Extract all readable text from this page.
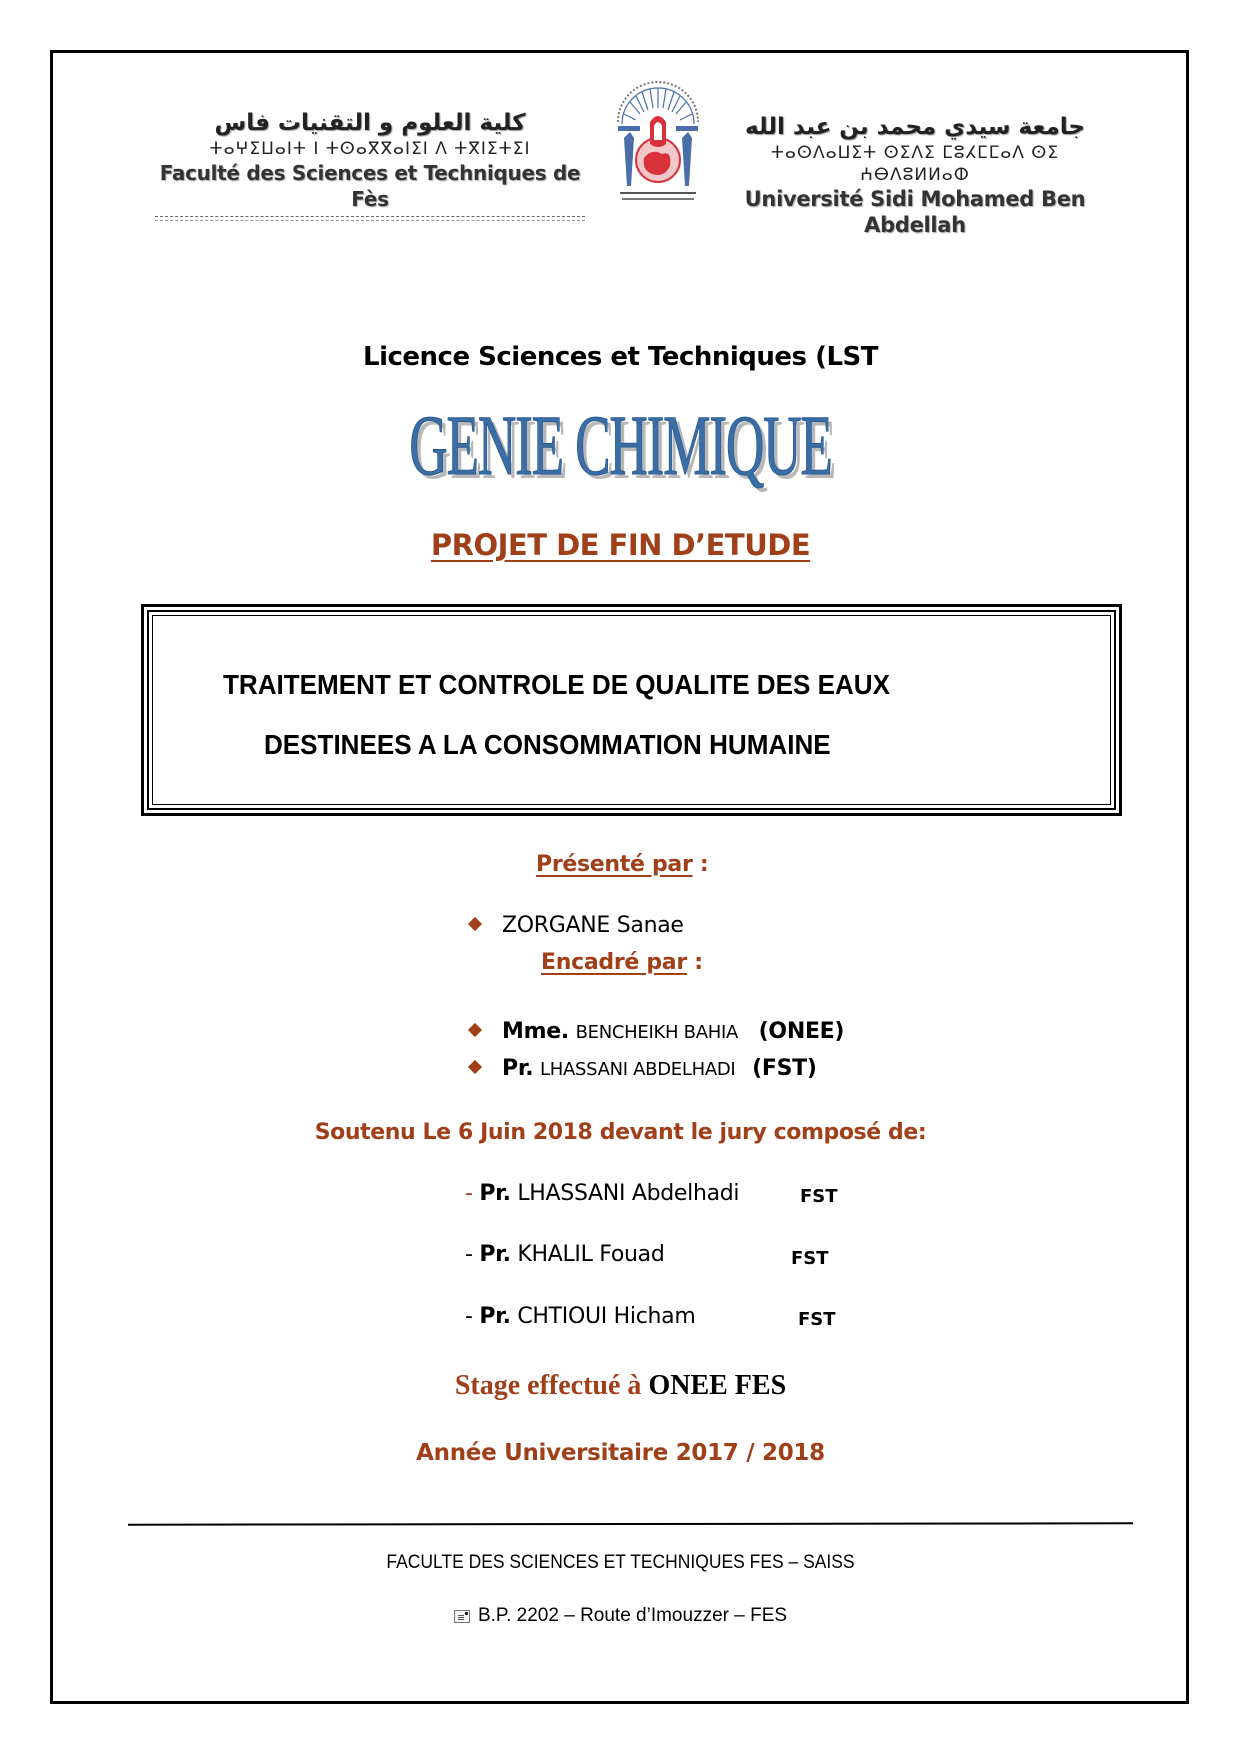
كلية العلوم و التقنيات فاس
ⵜⴰⵖⵉⵡⴰⵏⵜ ⵏ ⵜⵙⴰⴳⴳⴰⵏⵉⵏ ⴷ ⵜⴳⵏⵉⵜⵉⵏ
Faculté des Sciences et Techniques de Fès
جامعة سيدي محمد بن عبد الله
ⵜⴰⵙⴷⴰⵡⵉⵜ ⵙⵉⴷⵉ ⵎⵓⵃⵎⵎⴰⴷ ⵙⵉ ⵄⴱⴷⵓⵍⵍⴰⵀ
Université Sidi Mohamed Ben Abdellah
Licence Sciences et Techniques (LST
GENIE CHIMIQUE
PROJET DE FIN D’ETUDE
TRAITEMENT ET CONTROLE DE QUALITE DES EAUX
DESTINEES A LA CONSOMMATION HUMAINE
Présenté par :
ZORGANE Sanae
Encadré par :
Mme. BENCHEIKH BAHIA (ONEE)
Pr. LHASSANI ABDELHADI (FST)
Soutenu Le 6 Juin 2018 devant le jury composé de:
- Pr. LHASSANI Abdelhadi	FST
- Pr. KHALIL Fouad	FST
- Pr. CHTIOUI Hicham	FST
Stage effectué à ONEE FES
Année Universitaire 2017 / 2018
FACULTE DES SCIENCES ET TECHNIQUES FES – SAISS
B.P. 2202 – Route d’Imouzzer – FES
